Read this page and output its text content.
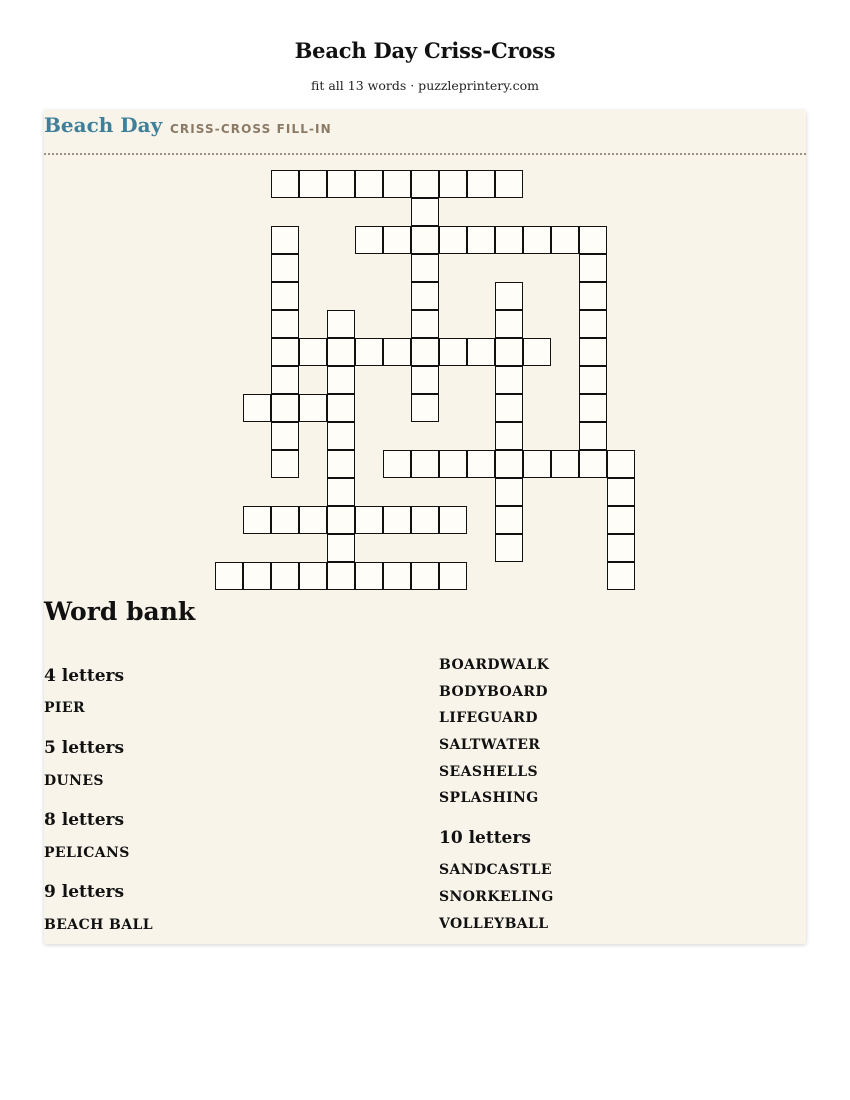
Beach Day Criss-Cross
fit all 13 words · puzzleprintery.com
Beach Day CRISS-CROSS FILL-IN
Word bank
4 letters
PIER
5 letters
DUNES
8 letters
PELICANS
9 letters
BEACH BALL
BOARDWALK
BODYBOARD
LIFEGUARD
SALTWATER
SEASHELLS
SPLASHING
10 letters
SANDCASTLE
SNORKELING
VOLLEYBALL
